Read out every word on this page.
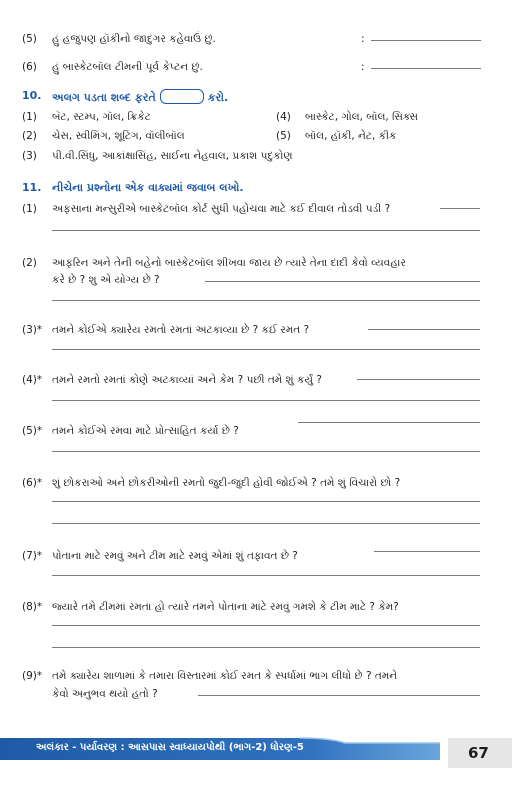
(5) હું હજુપણ હૉકીનો જાદુગર કહેવાઉં છું.	:
(6) હું બાસ્કેટબૉલ ટીમની પૂર્વ કેપ્ટન છું.	:
10. અલગ પડતા શબ્દ ફરતે	કરો.
(1) બૅટ, સ્ટમ્પ, ગૉલ, ક્રિકેટ	(4) બાસ્કેટ, ગોલ, બૉલ, સિક્સ
(2) ચેસ, સ્વીમિંગ, શૂટિંગ, વૉલીબૉલ	(5) બૉલ, હૉકી, નેટ, કીક
(3) પી.વી.સિંધુ, આકાંક્ષાસિંહ, સાઈના નેહવાલ, પ્રકાશ પદુકોણ
11. નીચેના પ્રશ્નોના એક વાક્યમાં જવાબ લખો.
(1) અફસાના મન્સુરીએ બાસ્કેટબૉલ કોર્ટ સુધી પહોંચવા માટે કઈ દીવાલ તોડવી પડી ?
(2) આફરિન અને તેની બહેનો બાસ્કેટબૉલ શીખવા જાય છે ત્યારે તેના દાદી કેવો વ્યવહાર
કરે છે ? શુ એ યોગ્ય છે ?
(3)* તમને કોઈએ ક્યારેય રમતો રમતાં અટકાવ્યા છે ? કઈ રમત ?
(4)* તમને રમતો રમતાં કોણે અટકાવ્યાં અને કેમ ? પછી તમે શું કર્યું ?
(5)* તમને કોઈએ રમવા માટે પ્રોત્સાહિત કર્યા છે ?
(6)* શું છોકરાઓ અને છોકરીઓની રમતો જુદી-જુદી હોવી જોઈએ ? તમે શું વિચારો છો ?
(7)* પોતાના માટે રમવું અને ટીમ માટે રમવું એમાં શું તફાવત છે ?
(8)* જ્યારે તમે ટીમમાં રમતા હો ત્યારે તમને પોતાના માટે રમવું ગમશે કે ટીમ માટે ? કેમ?
(9)* તમે ક્યારેય શાળામાં કે તમારા વિસ્તારમાં કોઈ રમત કે સ્પર્ધામાં ભાગ લીધો છે ? તમને
કેવો અનુભવ થયો હતો ?
અલંકાર - પર્યાવરણ : આસપાસ સ્વાધ્યાયપોથી (ભાગ-2) ધોરણ-5	67
